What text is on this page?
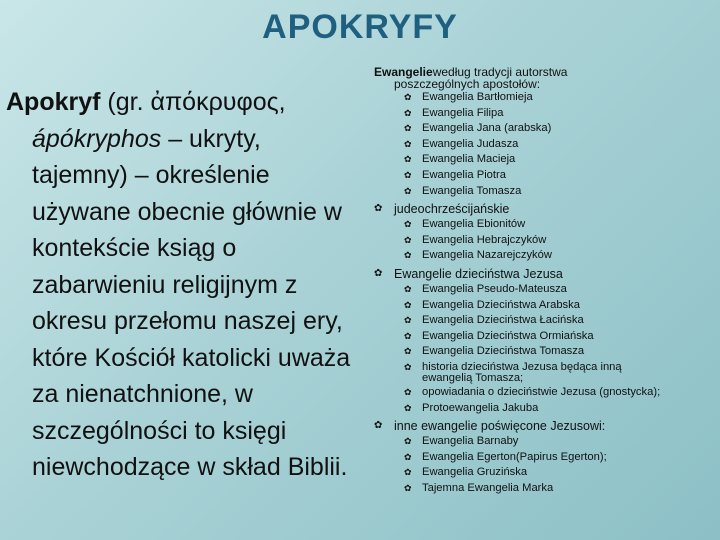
APOKRYFY
Apokryf (gr. ἀπόκρυφος, ápókryphos – ukryty, tajemny) – określenie używane obecnie głównie w kontekście ksiąg o zabarwieniu religijnym z okresu przełomu naszej ery, które Kościół katolicki uważa za nienatchnione, w szczególności to księgi niewchodzące w skład Biblii.
Ewangeliewedług tradycji autorstwa
poszczególnych apostołów:
✿ Ewangelia Bartłomieja
✿ Ewangelia Filipa
✿ Ewangelia Jana (arabska)
✿ Ewangelia Judasza
✿ Ewangelia Macieja
✿ Ewangelia Piotra
✿ Ewangelia Tomasza
✿ judeochrześcijańskie
✿ Ewangelia Ebionitów
✿ Ewangelia Hebrajczyków
✿ Ewangelia Nazarejczyków
✿ Ewangelie dzieciństwa Jezusa
✿ Ewangelia Pseudo-Mateusza
✿ Ewangelia Dzieciństwa Arabska
✿ Ewangelia Dzieciństwa Łacińska
✿ Ewangelia Dzieciństwa Ormiańska
✿ Ewangelia Dzieciństwa Tomasza
✿ historia dzieciństwa Jezusa będąca inną ewangelią Tomasza;
✿ opowiadania o dzieciństwie Jezusa (gnostycka);
✿ Protoewangelia Jakuba
✿ inne ewangelie poświęcone Jezusowi:
✿ Ewangelia Barnaby
✿ Ewangelia Egerton(Papirus Egerton);
✿ Ewangelia Gruzińska
✿ Tajemna Ewangelia Marka
